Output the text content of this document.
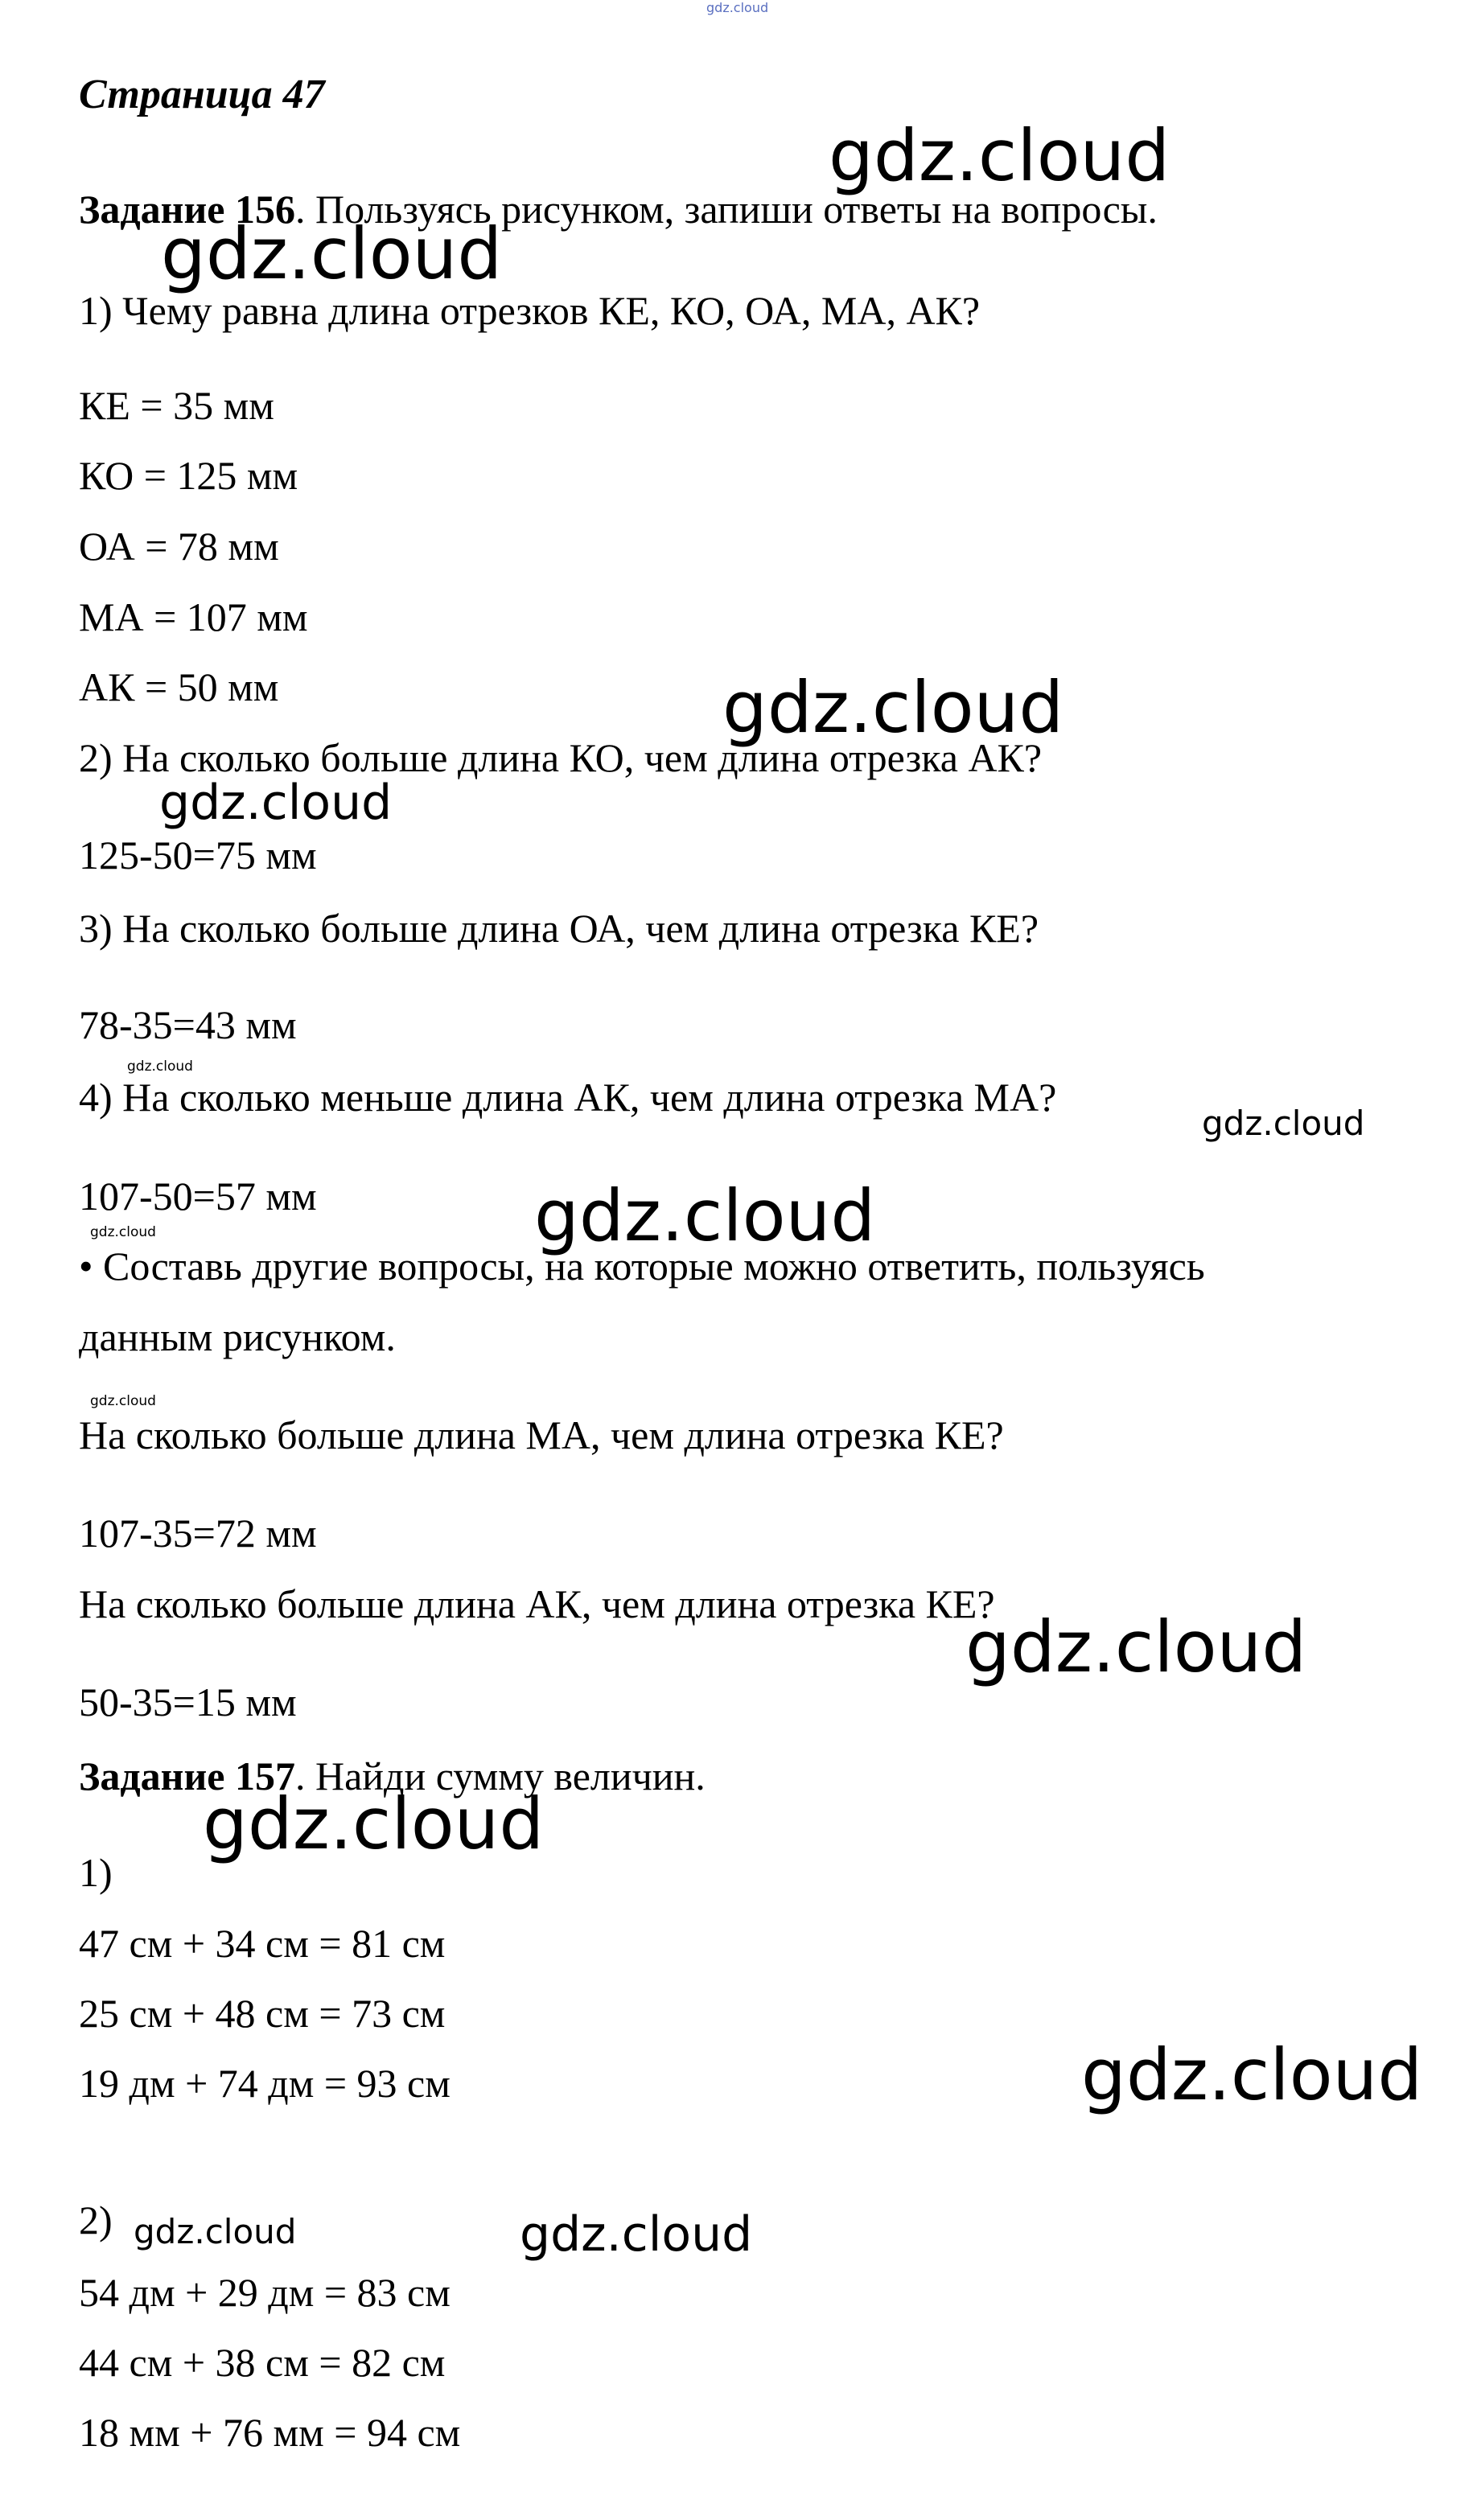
gdz.cloud
Страница 47
Задание 156. Пользуясь рисунком, запиши ответы на вопросы.
1) Чему равна длина отрезков КЕ, КО, ОА, МА, АК?
КЕ = 35 мм
КО = 125 мм
ОА = 78 мм
МА = 107 мм
АК = 50 мм
2) На сколько больше длина КО, чем длина отрезка АК?
125-50=75 мм
3) На сколько больше длина ОА, чем длина отрезка КЕ?
78-35=43 мм
4) На сколько меньше длина АК, чем длина отрезка МА?
107-50=57 мм
• Составь другие вопросы, на которые можно ответить, пользуясь
данным рисунком.
На сколько больше длина МА, чем длина отрезка КЕ?
107-35=72 мм
На сколько больше длина АК, чем длина отрезка КЕ?
50-35=15 мм
Задание 157. Найди сумму величин.
1)
47 см + 34 см = 81 см
25 см + 48 см = 73 см
19 дм + 74 дм = 93 см
2)
54 дм + 29 дм = 83 см
44 см + 38 см = 82 см
18 мм + 76 мм = 94 см
gdz.cloud
gdz.cloud
gdz.cloud
gdz.cloud
gdz.cloud
gdz.cloud
gdz.cloud
gdz.cloud
gdz.cloud
gdz.cloud
gdz.cloud
gdz.cloud
gdz.cloud	gdz.cloud
